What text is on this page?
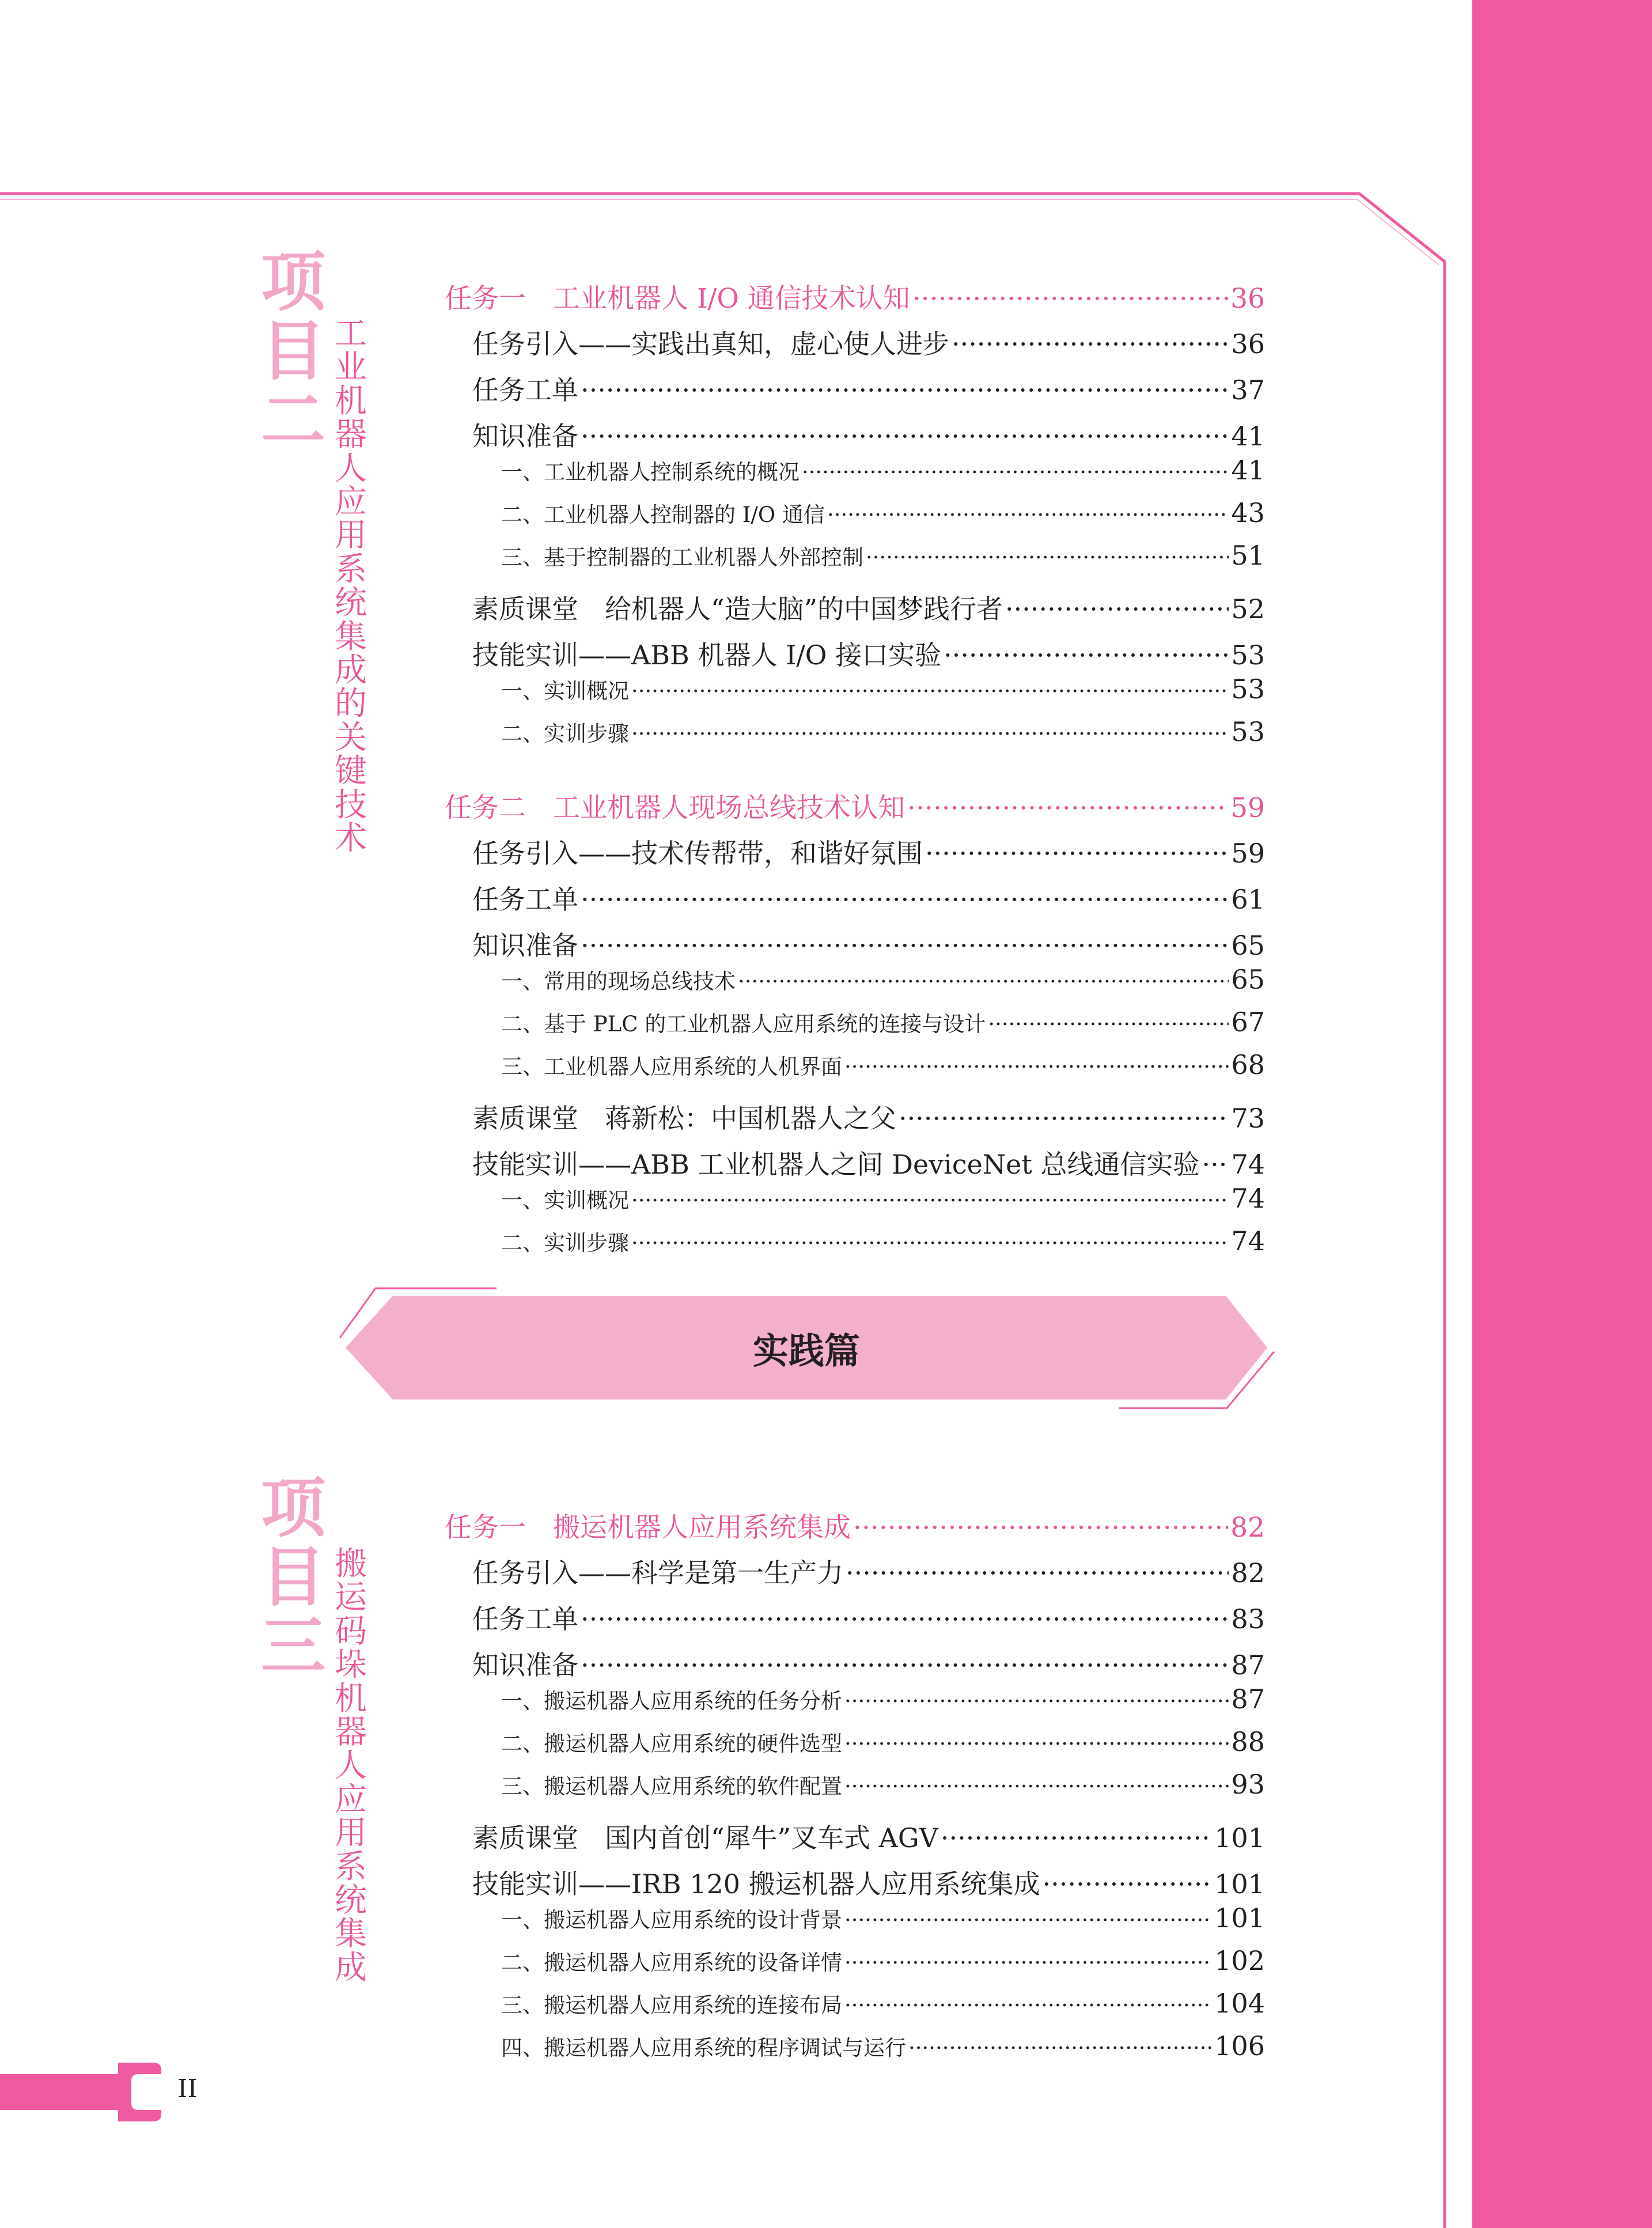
项
目
二
工
业
机
器
人
应
用
系
统
集
成
的
关
键
技
术
项
目
三
搬
运
码
垛
机
器
人
应
用
系
统
集
成
任务一　工业机器人 I/O 通信技术认知 ·····	36
任务引入——实践出真知，虚心使人进步 ·····	36
任务工单 ·····	37
知识准备 ·····	41
一、工业机器人控制系统的概况 ·····	41
二、工业机器人控制器的 I/O 通信 ·····	43
三、基于控制器的工业机器人外部控制 ·····	51
素质课堂　给机器人“造大脑”的中国梦践行者 ·····	52
技能实训——ABB 机器人 I/O 接口实验 ·····	53
一、实训概况 ·····	53
二、实训步骤 ·····	53
任务二　工业机器人现场总线技术认知 ·····	59
任务引入——技术传帮带，和谐好氛围 ·····	59
任务工单 ·····	61
知识准备 ·····	65
一、常用的现场总线技术 ·····	65
二、基于 PLC 的工业机器人应用系统的连接与设计 ·····	67
三、工业机器人应用系统的人机界面 ·····	68
素质课堂　蒋新松：中国机器人之父 ·····	73
技能实训——ABB 工业机器人之间 DeviceNet 总线通信实验 ····· 74
一、实训概况 ·····	74
二、实训步骤 ·····	74
任务一　搬运机器人应用系统集成 ·····	82
任务引入——科学是第一生产力 ·····	82
任务工单 ·····	83
知识准备 ·····	87
一、搬运机器人应用系统的任务分析 ·····	87
二、搬运机器人应用系统的硬件选型 ·····	88
三、搬运机器人应用系统的软件配置 ·····	93
素质课堂　国内首创“犀牛”叉车式 AGV ·····	101
技能实训——IRB 120 搬运机器人应用系统集成 ·····	101
一、搬运机器人应用系统的设计背景 ·····	101
二、搬运机器人应用系统的设备详情 ·····	102
三、搬运机器人应用系统的连接布局 ·····	104
四、搬运机器人应用系统的程序调试与运行 ·····	106
实践篇
II
